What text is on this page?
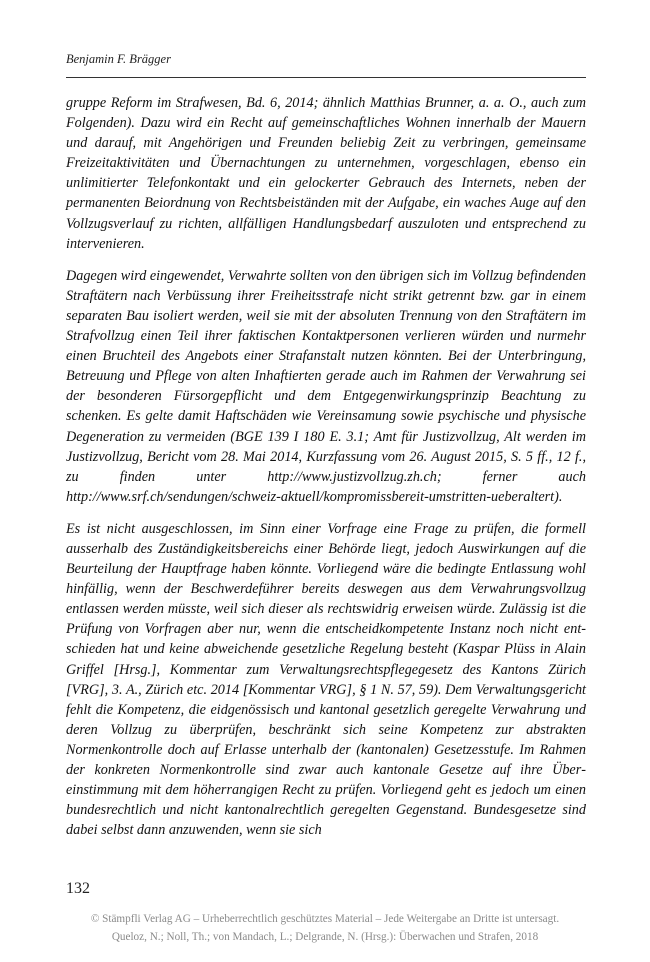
Benjamin F. Brägger

gruppe Reform im Strafwesen, Bd. 6, 2014; ähnlich Matthias Brunner, a. a. O., auch zum Folgenden). Dazu wird ein Recht auf gemeinschaftliches Wohnen innerhalb der Mauern und darauf, mit Angehörigen und Freunden beliebig Zeit zu verbringen, gemeinsame Freizeitaktivitäten und Übernachtungen zu unternehmen, vorgeschlagen, ebenso ein unlimitierter Telefonkontakt und ein gelockerter Gebrauch des Internets, neben der permanenten Beiordnung von Rechtsbeiständen mit der Aufgabe, ein waches Auge auf den Vollzugsverlauf zu richten, allfälligen Handlungsbedarf auszuloten und entsprechend zu intervenieren.

Dagegen wird eingewendet, Verwahrte sollten von den übrigen sich im Vollzug befindenden Straftätern nach Verbüssung ihrer Freiheitsstrafe nicht strikt getrennt bzw. gar in einem separaten Bau isoliert werden, weil sie mit der absoluten Trennung von den Straftätern im Strafvollzug einen Teil ihrer faktischen Kontaktpersonen verlieren würden und nurmehr einen Bruchteil des Angebots einer Strafanstalt nutzen könnten. Bei der Unterbringung, Betreuung und Pflege von alten Inhaftierten gerade auch im Rahmen der Verwahrung sei der besonderen Fürsorgepflicht und dem Entgegenwirkungsprinzip Beachtung zu schenken. Es gelte damit Haftschäden wie Vereinsamung sowie psychische und physische Degeneration zu vermeiden (BGE 139 I 180 E. 3.1; Amt für Justizvollzug, Alt werden im Justizvollzug, Bericht vom 28. Mai 2014, Kurzfassung vom 26. August 2015, S. 5 ff., 12 f., zu finden unter http://www.justizvollzug.zh.ch; ferner auch http://www.srf.ch/sendungen/schweiz-aktuell/kompromissbereit-umstritten-ueberaltert).

Es ist nicht ausgeschlossen, im Sinn einer Vorfrage eine Frage zu prüfen, die formell ausserhalb des Zuständigkeitsbereichs einer Behörde liegt, jedoch Auswirkungen auf die Beurteilung der Hauptfrage haben könnte. Vorliegend wäre die bedingte Entlassung wohl hinfällig, wenn der Beschwerdeführer bereits deswegen aus dem Verwahrungsvollzug entlassen werden müsste, weil sich dieser als rechtswidrig erweisen würde. Zulässig ist die Prüfung von Vorfragen aber nur, wenn die entscheidkompetente Instanz noch nicht entschieden hat und keine abweichende gesetzliche Regelung besteht (Kaspar Plüss in Alain Griffel [Hrsg.], Kommentar zum Verwaltungsrechtspflegegesetz des Kantons Zürich [VRG], 3. A., Zürich etc. 2014 [Kommentar VRG], § 1 N. 57, 59). Dem Verwaltungsgericht fehlt die Kompetenz, die eidgenössisch und kantonal gesetzlich geregelte Verwahrung und deren Vollzug zu überprüfen, beschränkt sich seine Kompetenz zur abstrakten Normenkontrolle doch auf Erlasse unterhalb der (kantonalen) Gesetzesstufe. Im Rahmen der konkreten Normenkontrolle sind zwar auch kantonale Gesetze auf ihre Übereinstimmung mit dem höherrangigen Recht zu prüfen. Vorliegend geht es jedoch um einen bundesrechtlich und nicht kantonalrechtlich geregelten Gegenstand. Bundesgesetze sind dabei selbst dann anzuwenden, wenn sie sich

132
© Stämpfli Verlag AG – Urheberrechtlich geschütztes Material – Jede Weitergabe an Dritte ist untersagt.
Queloz, N.; Noll, Th.; von Mandach, L.; Delgrande, N. (Hrsg.): Überwachen und Strafen, 2018
